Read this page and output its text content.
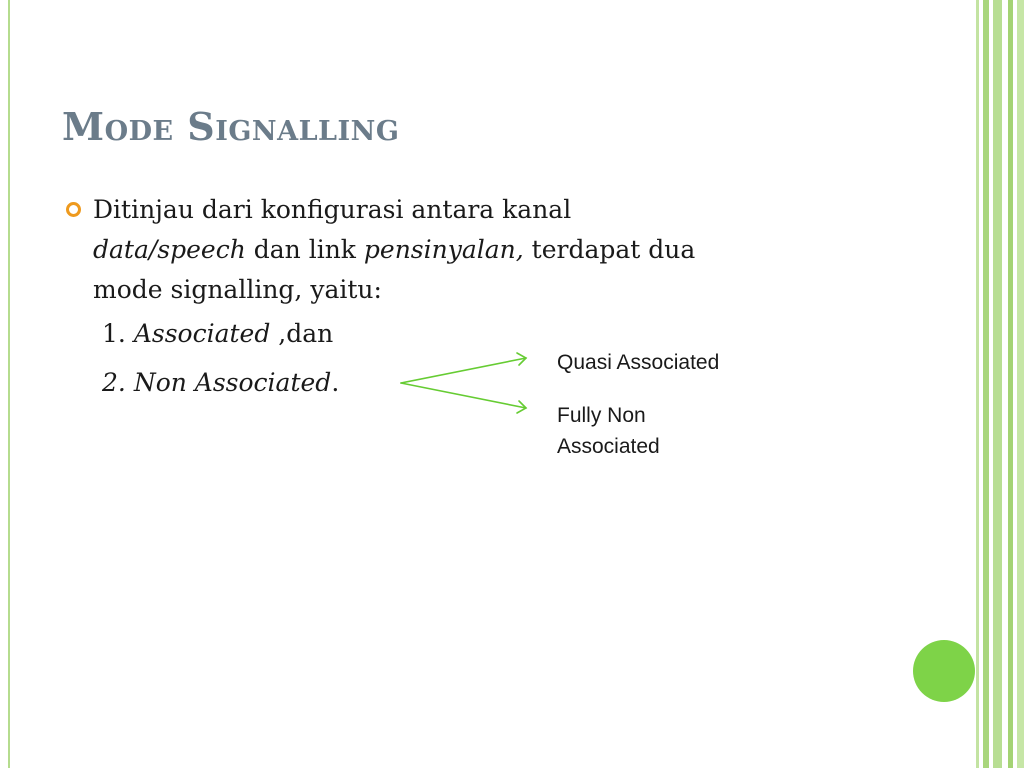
Mode Signalling
Ditinjau dari konfigurasi antara kanal
data/speech dan link pensinyalan, terdapat dua
mode signalling, yaitu:
1. Associated ,dan
2. Non Associated.
Quasi Associated
Fully Non
Associated
